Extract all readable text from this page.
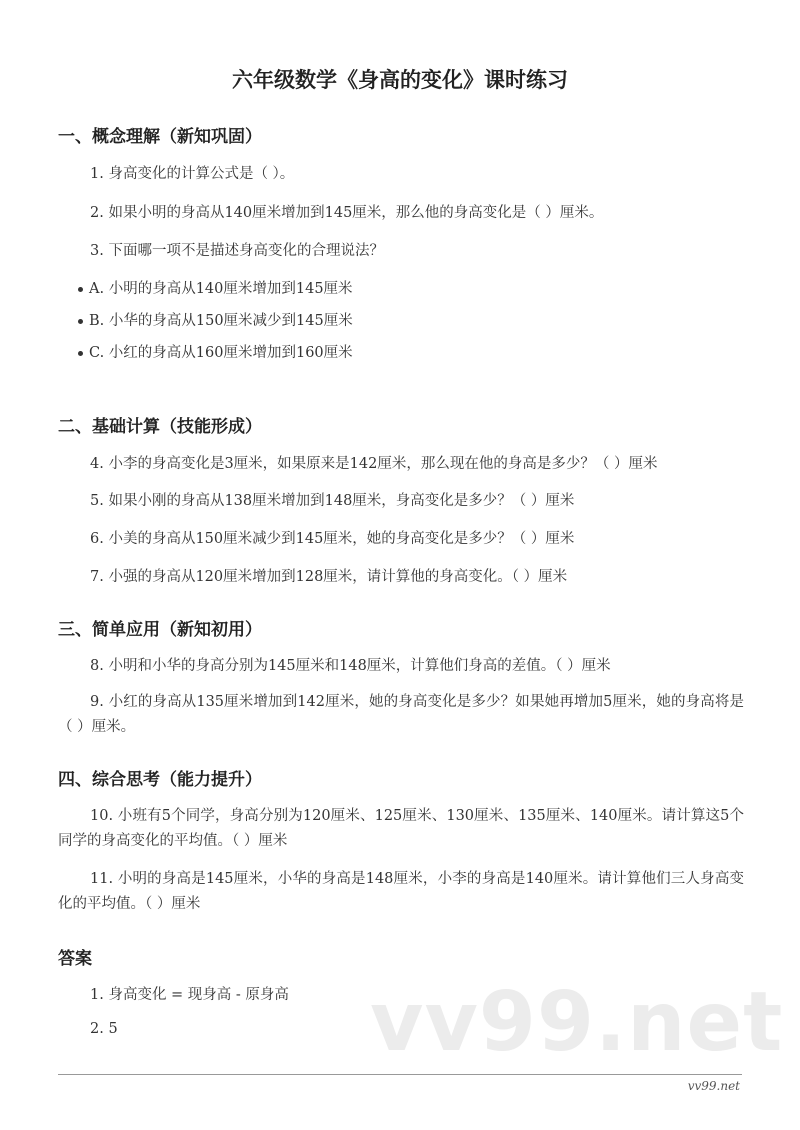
vv99.net
六年级数学《身高的变化》课时练习
一、概念理解（新知巩固）
1. 身高变化的计算公式是（ ）。
2. 如果小明的身高从140厘米增加到145厘米，那么他的身高变化是（ ）厘米。
3. 下面哪一项不是描述身高变化的合理说法？
A. 小明的身高从140厘米增加到145厘米
B. 小华的身高从150厘米减少到145厘米
C. 小红的身高从160厘米增加到160厘米
二、基础计算（技能形成）
4. 小李的身高变化是3厘米，如果原来是142厘米，那么现在他的身高是多少？（ ）厘米
5. 如果小刚的身高从138厘米增加到148厘米，身高变化是多少？（ ）厘米
6. 小美的身高从150厘米减少到145厘米，她的身高变化是多少？（ ）厘米
7. 小强的身高从120厘米增加到128厘米，请计算他的身高变化。（ ）厘米
三、简单应用（新知初用）
8. 小明和小华的身高分别为145厘米和148厘米，计算他们身高的差值。（ ）厘米
9. 小红的身高从135厘米增加到142厘米，她的身高变化是多少？如果她再增加5厘米，她的身高将是（ ）厘米。
四、综合思考（能力提升）
10. 小班有5个同学，身高分别为120厘米、125厘米、130厘米、135厘米、140厘米。请计算这5个同学的身高变化的平均值。（ ）厘米
11. 小明的身高是145厘米，小华的身高是148厘米，小李的身高是140厘米。请计算他们三人身高变化的平均值。（ ）厘米
答案
1. 身高变化 = 现身高 - 原身高
2. 5
vv99.net
